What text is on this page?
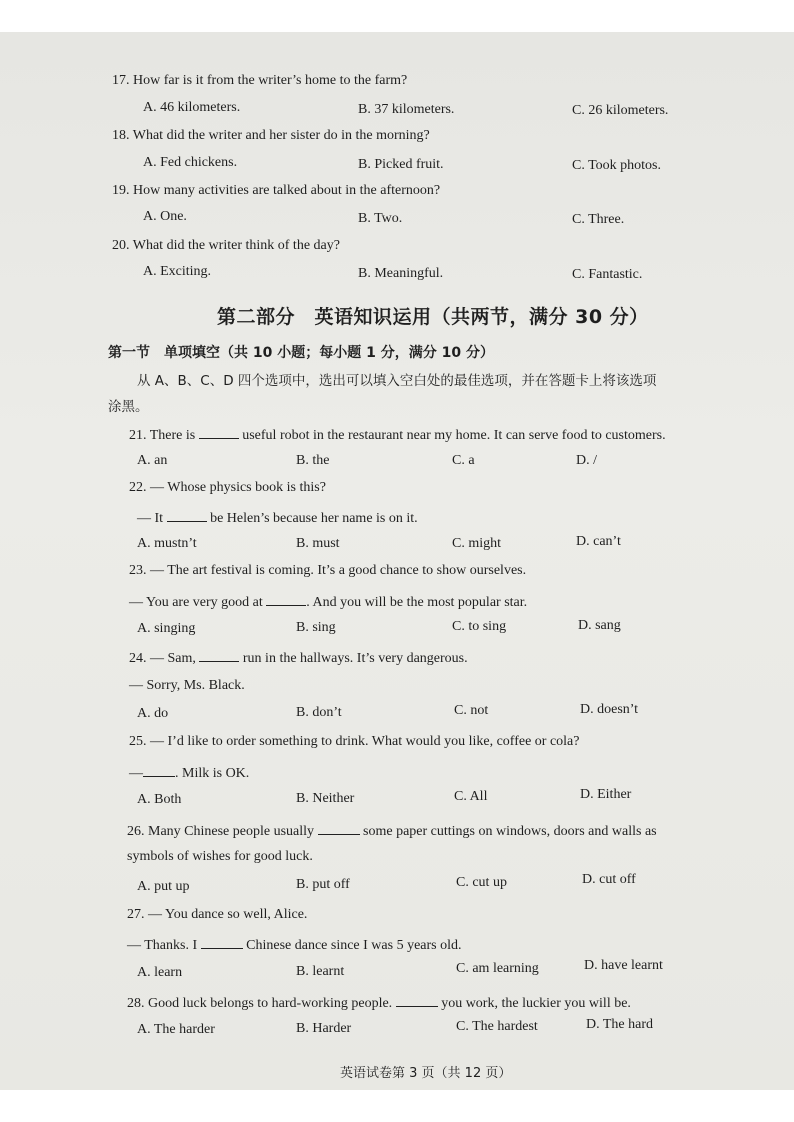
17. How far is it from the writer’s home to the farm?
A. 46 kilometers.	B. 37 kilometers.	C. 26 kilometers.
18. What did the writer and her sister do in the morning?
A. Fed chickens.	B. Picked fruit.	C. Took photos.
19. How many activities are talked about in the afternoon?
A. One.	B. Two.	C. Three.
20. What did the writer think of the day?
A. Exciting.	B. Meaningful.	C. Fantastic.
第二部分　英语知识运用（共两节，满分 30 分）
第一节　单项填空（共 10 小题；每小题 1 分，满分 10 分）
从 A、B、C、D 四个选项中，选出可以填入空白处的最佳选项，并在答题卡上将该选项
涂黑。
21. There is	useful robot in the restaurant near my home. It can serve food to customers.
A. an	B. the	C. a	D. /
22. — Whose physics book is this?
— It	be Helen’s because her name is on it.
A. mustn’t	B. must	C. might	D. can’t
23. — The art festival is coming. It’s a good chance to show ourselves.
— You are very good at	. And you will be the most popular star.
A. singing	B. sing	C. to sing	D. sang
24. — Sam,	run in the hallways. It’s very dangerous.
— Sorry, Ms. Black.
A. do	B. don’t	C. not	D. doesn’t
25. — I’d like to order something to drink. What would you like, coffee or cola?
— . Milk is OK.
A. Both	B. Neither	C. All	D. Either
26. Many Chinese people usually	some paper cuttings on windows, doors and walls as
symbols of wishes for good luck.
A. put up	B. put off	C. cut up	D. cut off
27. — You dance so well, Alice.
— Thanks. I	Chinese dance since I was 5 years old.
A. learn	B. learnt	C. am learning	D. have learnt
28. Good luck belongs to hard-working people.	you work, the luckier you will be.
A. The harder	B. Harder	C. The hardest	D. The hard
英语试卷第 3 页（共 12 页）
